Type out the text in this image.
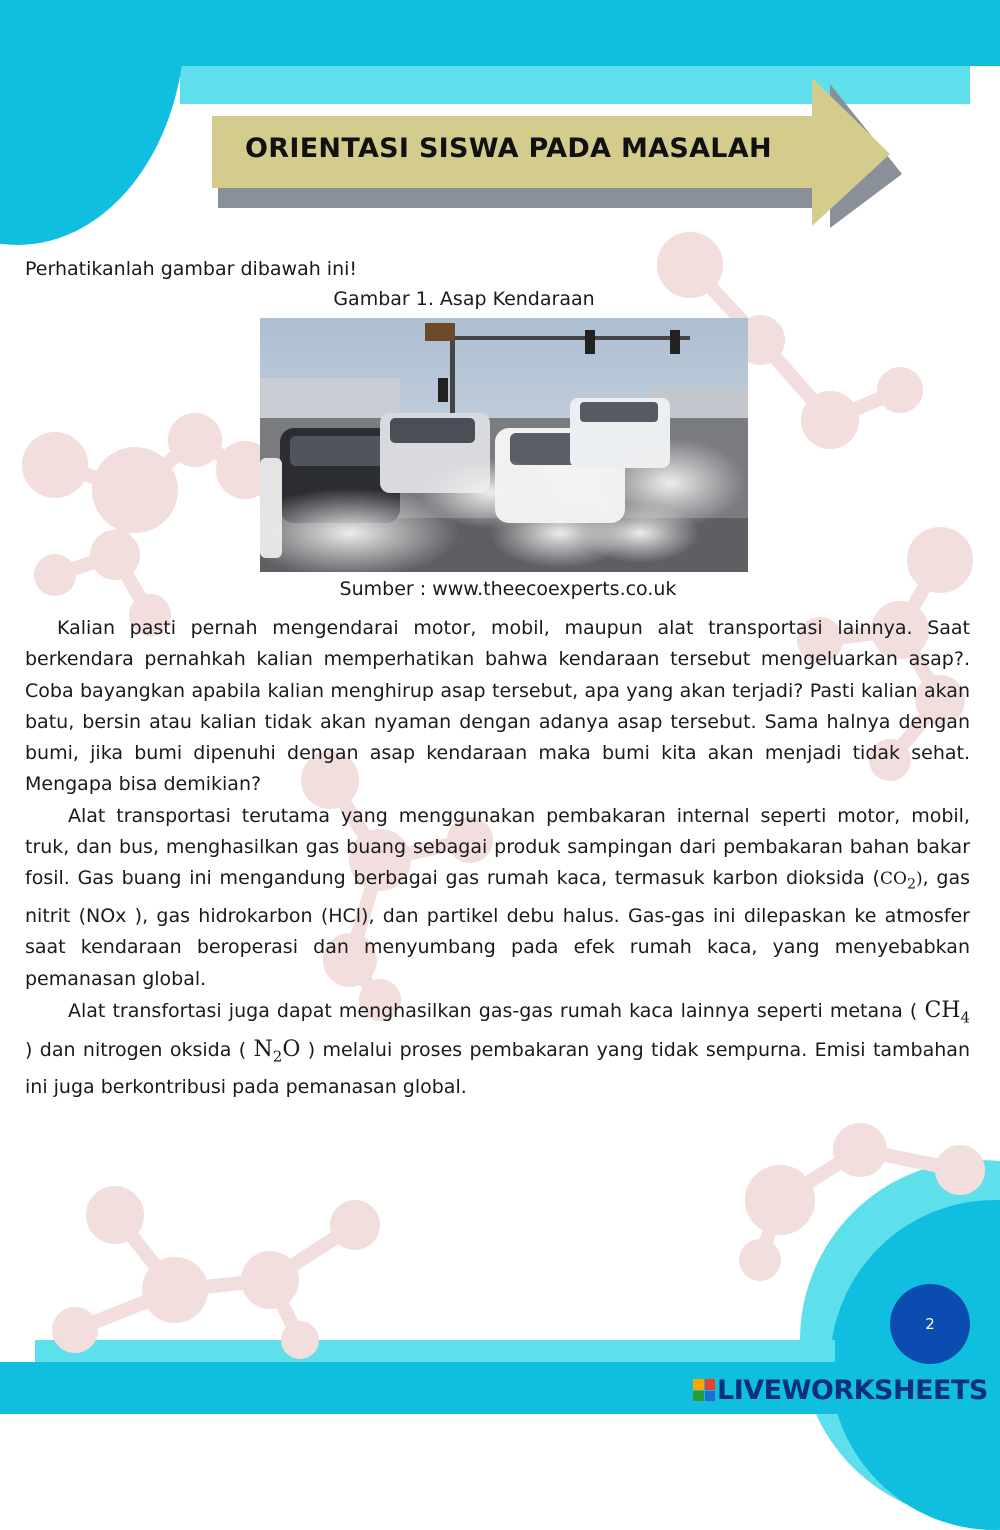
ORIENTASI SISWA PADA MASALAH
Perhatikanlah gambar dibawah ini!
Gambar 1. Asap Kendaraan
Sumber : www.theecoexperts.co.uk

Kalian pasti pernah mengendarai motor, mobil, maupun alat transportasi lainnya. Saat berkendara pernahkah kalian memperhatikan bahwa kendaraan tersebut mengeluarkan asap?. Coba bayangkan apabila kalian menghirup asap tersebut, apa yang akan terjadi? Pasti kalian akan batu, bersin atau kalian tidak akan nyaman dengan adanya asap tersebut. Sama halnya dengan bumi, jika bumi dipenuhi dengan asap kendaraan maka bumi kita akan menjadi tidak sehat. Mengapa bisa demikian?

Alat transportasi terutama yang menggunakan pembakaran internal seperti motor, mobil, truk, dan bus, menghasilkan gas buang sebagai produk sampingan dari pembakaran bahan bakar fosil. Gas buang ini mengandung berbagai gas rumah kaca, termasuk karbon dioksida $(CO_2)$, gas nitrit (NOx ), gas hidrokarbon (HCl), dan partikel debu halus. Gas-gas ini dilepaskan ke atmosfer saat kendaraan beroperasi dan menyumbang pada efek rumah kaca, yang menyebabkan pemanasan global.

Alat transfortasi juga dapat menghasilkan gas-gas rumah kaca lainnya seperti metana ( $CH_4$ ) dan nitrogen oksida ( $N_2O$ ) melalui proses pembakaran yang tidak sempurna. Emisi tambahan ini juga berkontribusi pada pemanasan global.

2
LIVEWORKSHEETS
